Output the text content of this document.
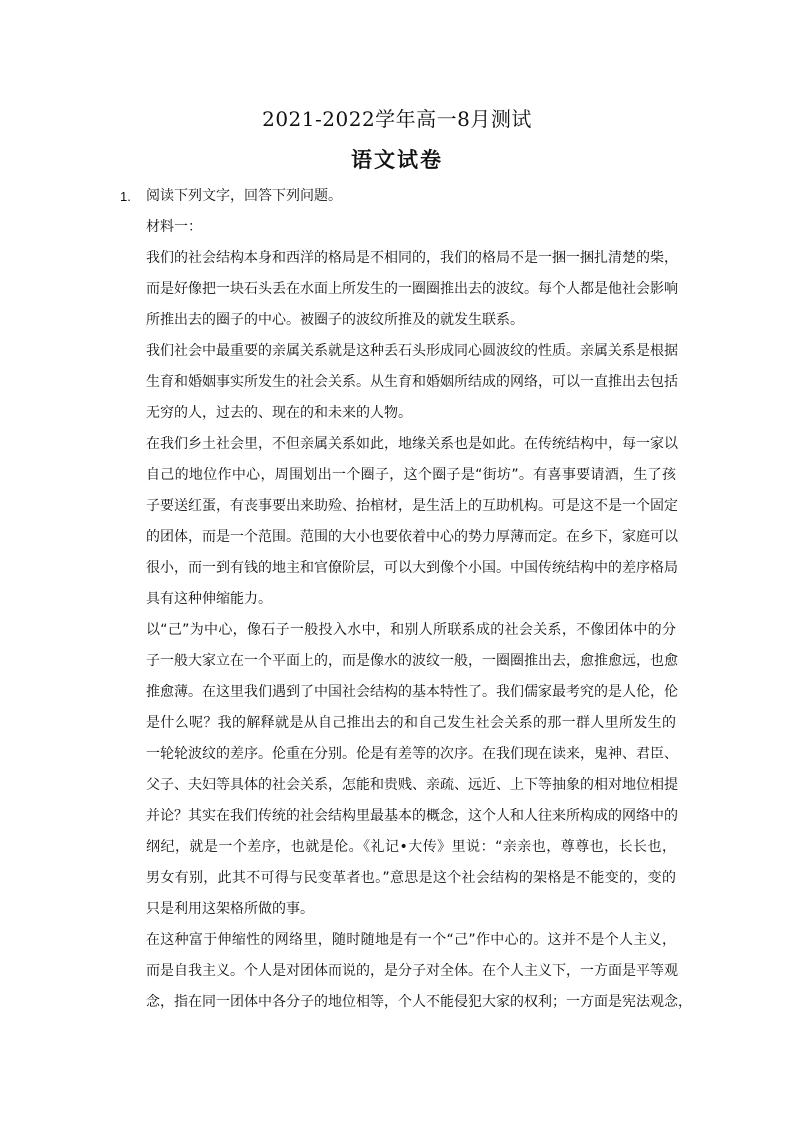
2021-2022学年高一8月测试
语文试卷
1. 阅读下列文字，回答下列问题。
材料一：
我们的社会结构本身和西洋的格局是不相同的，我们的格局不是一捆一捆扎清楚的柴，
而是好像把一块石头丢在水面上所发生的一圈圈推出去的波纹。每个人都是他社会影响
所推出去的圈子的中心。被圈子的波纹所推及的就发生联系。
我们社会中最重要的亲属关系就是这种丢石头形成同心圆波纹的性质。亲属关系是根据
生育和婚姻事实所发生的社会关系。从生育和婚姻所结成的网络，可以一直推出去包括
无穷的人，过去的、现在的和未来的人物。
在我们乡土社会里，不但亲属关系如此，地缘关系也是如此。在传统结构中，每一家以
自己的地位作中心，周围划出一个圈子，这个圈子是“街坊”。有喜事要请酒，生了孩
子要送红蛋，有丧事要出来助殓、抬棺材，是生活上的互助机构。可是这不是一个固定
的团体，而是一个范围。范围的大小也要依着中心的势力厚薄而定。在乡下，家庭可以
很小，而一到有钱的地主和官僚阶层，可以大到像个小国。中国传统结构中的差序格局
具有这种伸缩能力。
以“己”为中心，像石子一般投入水中，和别人所联系成的社会关系，不像团体中的分
子一般大家立在一个平面上的，而是像水的波纹一般，一圈圈推出去，愈推愈远，也愈
推愈薄。在这里我们遇到了中国社会结构的基本特性了。我们儒家最考究的是人伦，伦
是什么呢？我的解释就是从自己推出去的和自己发生社会关系的那一群人里所发生的
一轮轮波纹的差序。伦重在分别。伦是有差等的次序。在我们现在读来，鬼神、君臣、
父子、夫妇等具体的社会关系，怎能和贵贱、亲疏、远近、上下等抽象的相对地位相提
并论？其实在我们传统的社会结构里最基本的概念，这个人和人往来所构成的网络中的
纲纪，就是一个差序，也就是伦。《礼记•大传》里说：“亲亲也，尊尊也，长长也，
男女有别，此其不可得与民变革者也。”意思是这个社会结构的架格是不能变的，变的
只是利用这架格所做的事。
在这种富于伸缩性的网络里，随时随地是有一个“己”作中心的。这并不是个人主义，
而是自我主义。个人是对团体而说的，是分子对全体。在个人主义下，一方面是平等观
念，指在同一团体中各分子的地位相等，个人不能侵犯大家的权利；一方面是宪法观念，
